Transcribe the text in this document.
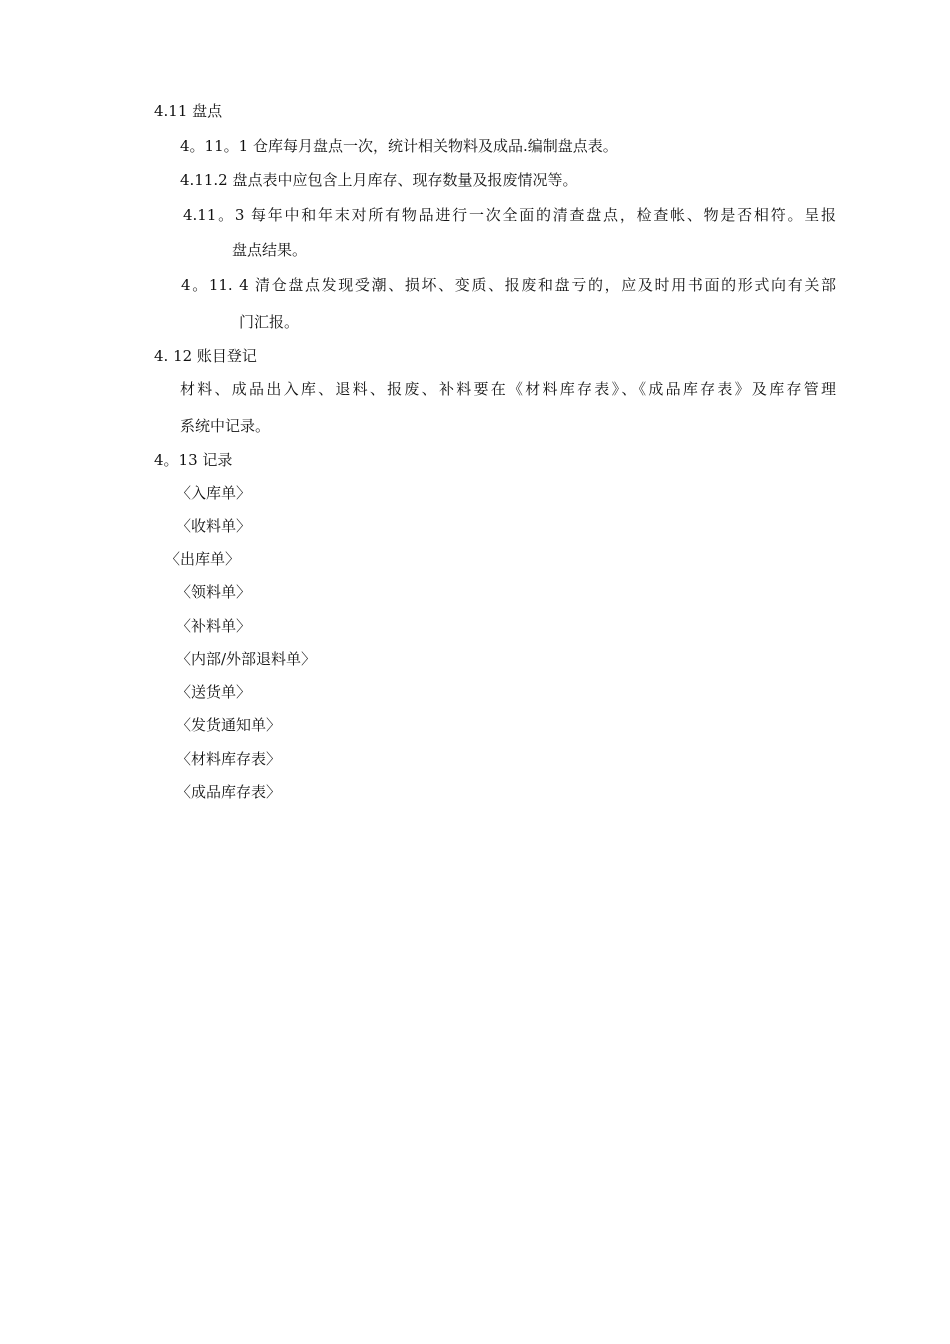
4.11 盘点
4。11。1 仓库每月盘点一次，统计相关物料及成品.编制盘点表。
4.11.2 盘点表中应包含上月库存、现存数量及报废情况等。
4.11。3 每年中和年末对所有物品进行一次全面的清查盘点，检查帐、物是否相符。呈报
盘点结果。
4。11. 4 清仓盘点发现受潮、损坏、变质、报废和盘亏的，应及时用书面的形式向有关部
门汇报。
4. 12 账目登记
材料、成品出入库、退料、报废、补料要在《材料库存表》、《成品库存表》及库存管理
系统中记录。
4。13 记录
〈入库单〉
〈收料单〉
〈出库单〉
〈领料单〉
〈补料单〉
〈内部/外部退料单〉
〈送货单〉
〈发货通知单〉
〈材料库存表〉
〈成品库存表〉
